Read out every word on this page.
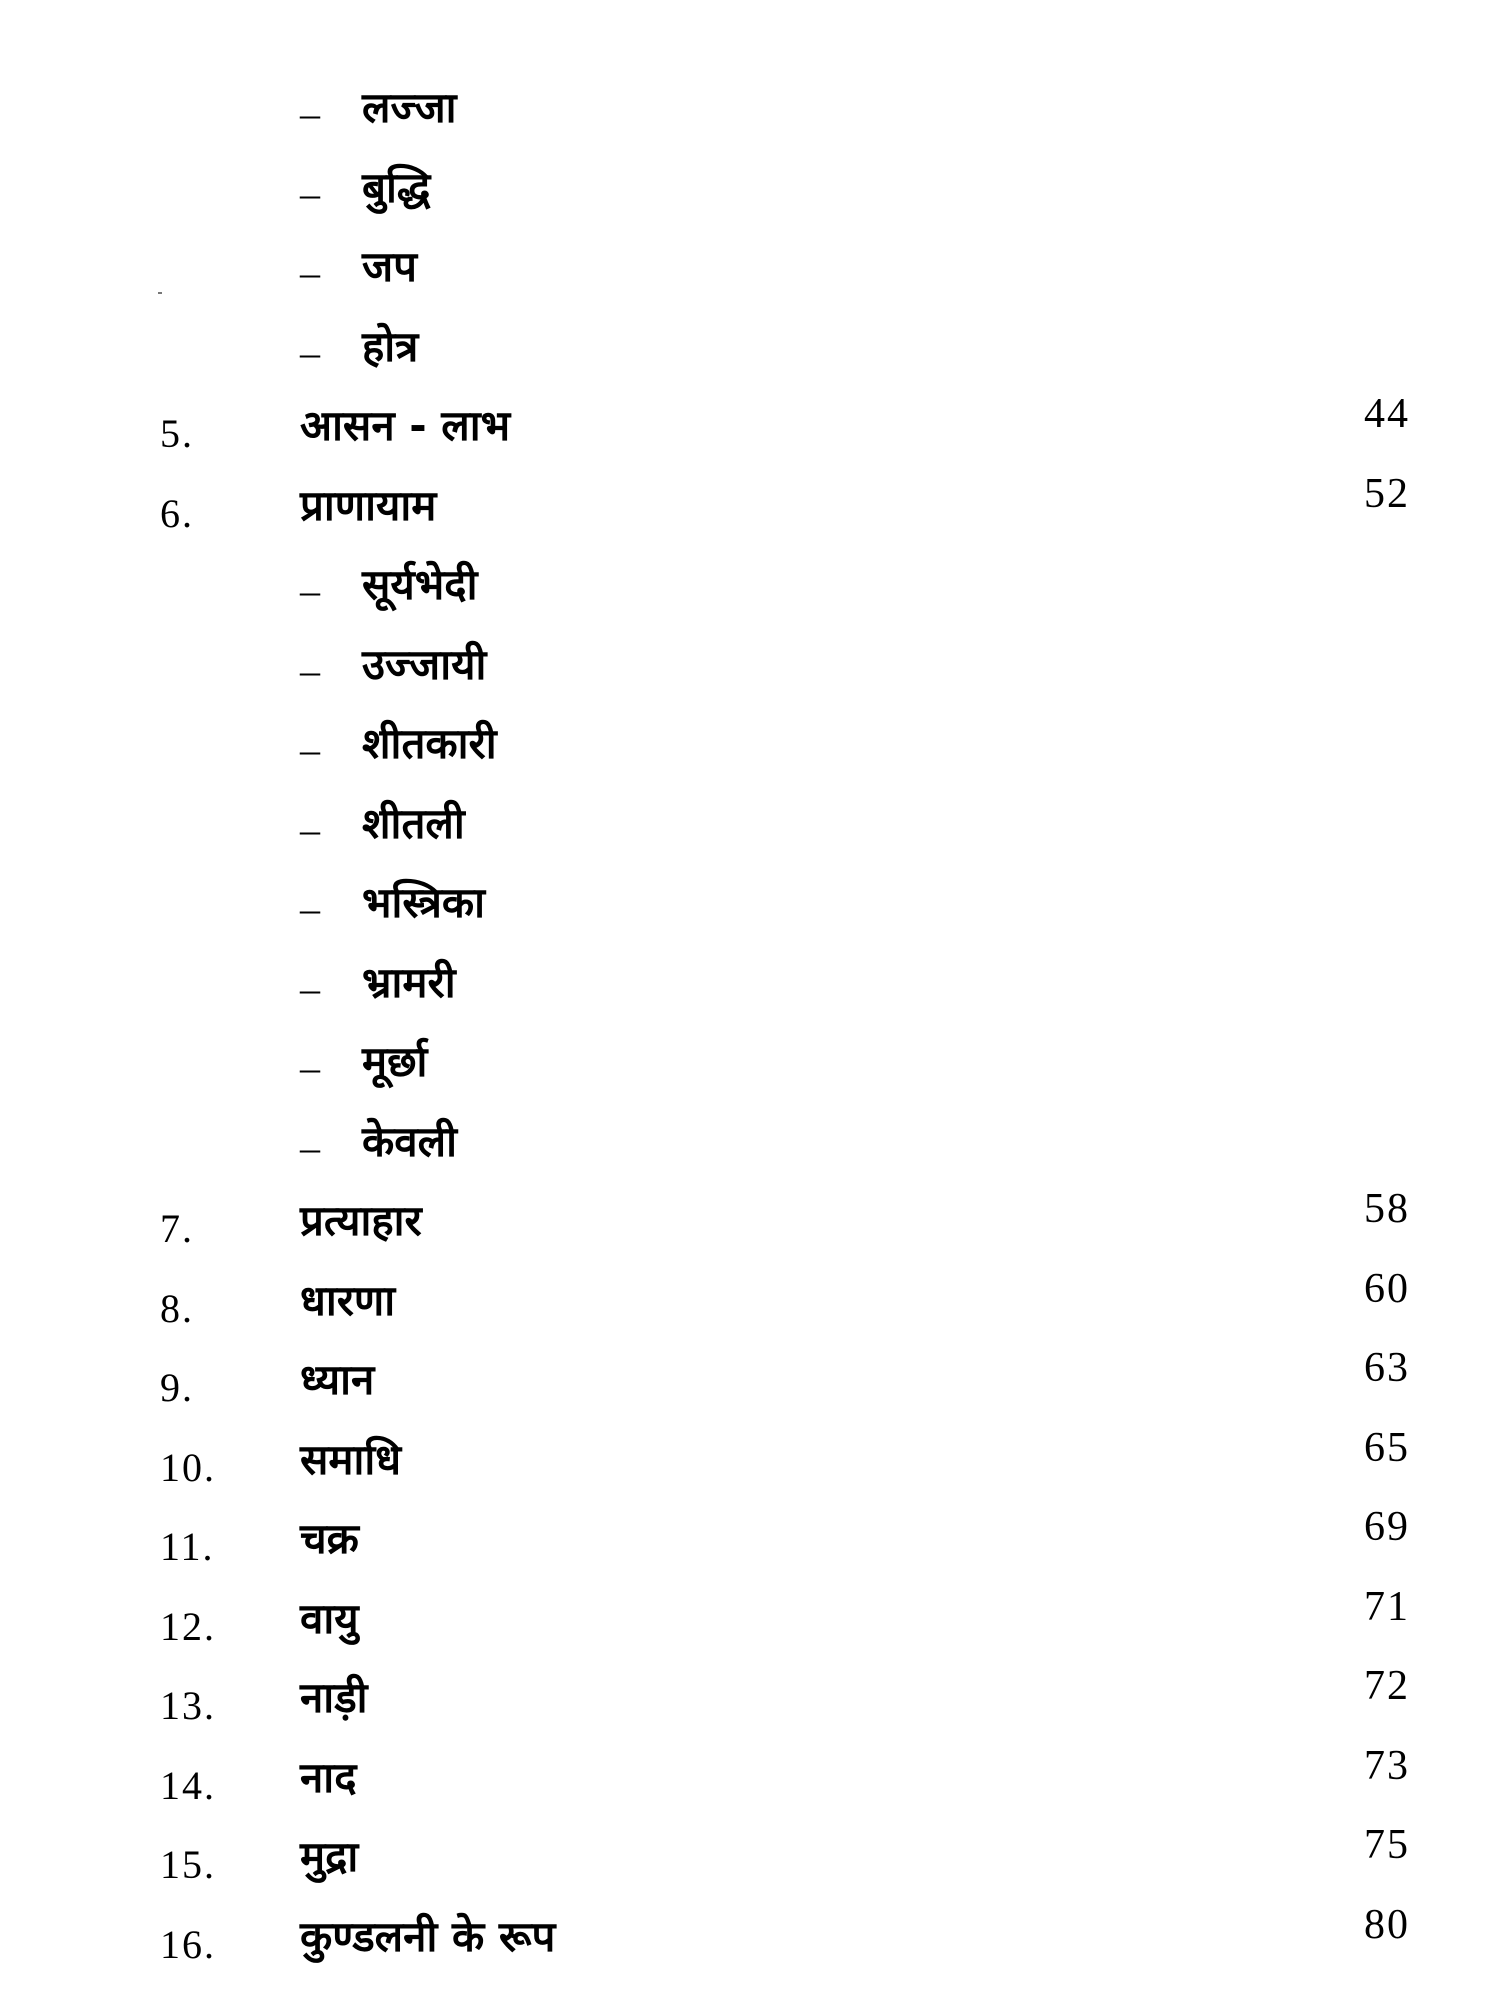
– लज्जा
– बुद्धि
– जप
– होत्र
5.	आसन - लाभ	44
6.	प्राणायाम	52
– सूर्यभेदी
– उज्जायी
– शीतकारी
– शीतली
– भस्त्रिका
– भ्रामरी
– मूर्छा
– केवली
7.	प्रत्याहार	58
8.	धारणा	60
9.	ध्यान	63
10. समाधि	65
11. चक्र	69
12. वायु	71
13. नाड़ी	72
14. नाद	73
15. मुद्रा	75
16. कुण्डलनी के रूप	80
